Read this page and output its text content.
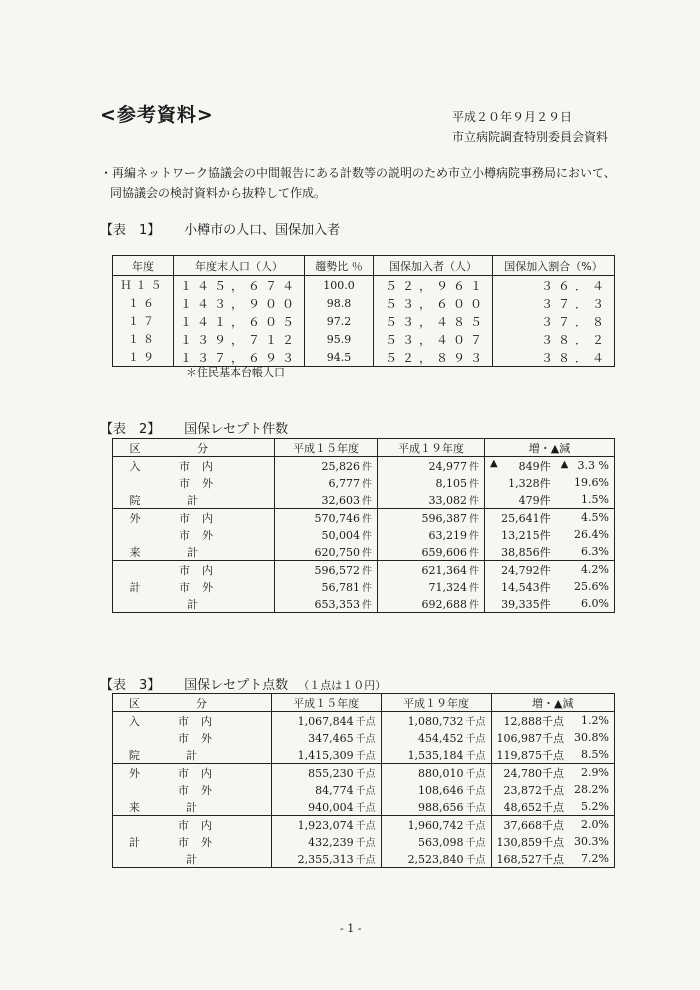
<参考資料>	平成２０年９月２９日
市立病院調査特別委員会資料
・再編ネットワーク協議会の中間報告にある計数等の説明のため市立小樽病院事務局において、
同協議会の検討資料から抜粋して作成。
【表　1】 小樽市の人口、国保加入者
年度	年度末人口（人）	趨勢比 ％	国保加入者（人）	国保加入割合（%）
Ｈ１５	１４５，６７４	100.0	５２，９６１	３６．４
１６	１４３，９００	98.8	５３，６００	３７．３
１７	１４１，６０５	97.2	５３，４８５	３７．８
１８	１３９，７１２	95.9	５３，４０７	３８．２
１９	１３７，６９３	94.5	５２，８９３	３８．４
＊住民基本台帳人口
【表　2】 国保レセプト件数
区	分	平成１５年度	平成１９年度	増・▲減	
入	市内	25,826 件	24,977 件	▲ 849件	▲ 3.3 %
	市外	6,777 件	8,105 件	1,328件	19.6%
院	計	32,603 件	33,082 件	479件	1.5%
外	市内	570,746 件	596,387 件	25,641件	4.5%
	市外	50,004 件	63,219 件	13,215件	26.4%
来	計	620,750 件	659,606 件	38,856件	6.3%
	市内	596,572 件	621,364 件	24,792件	4.2%
計	市外	56,781 件	71,324 件	14,543件	25.6%
	計	653,353 件	692,688 件	39,335件	6.0%
【表　3】 国保レセプト点数 （１点は１０円）
区	分	平成１５年度	平成１９年度	増・▲減	
入	市内	1,067,844 千点	1,080,732 千点	12,888千点	1.2%
	市外	347,465 千点	454,452 千点	106,987千点	30.8%
院	計	1,415,309 千点	1,535,184 千点	119,875千点	8.5%
外	市内	855,230 千点	880,010 千点	24,780千点	2.9%
	市外	84,774 千点	108,646 千点	23,872千点	28.2%
来	計	940,004 千点	988,656 千点	48,652千点	5.2%
	市内	1,923,074 千点	1,960,742 千点	37,668千点	2.0%
計	市外	432,239 千点	563,098 千点	130,859千点	30.3%
	計	2,355,313 千点	2,523,840 千点	168,527千点	7.2%
- 1 -
